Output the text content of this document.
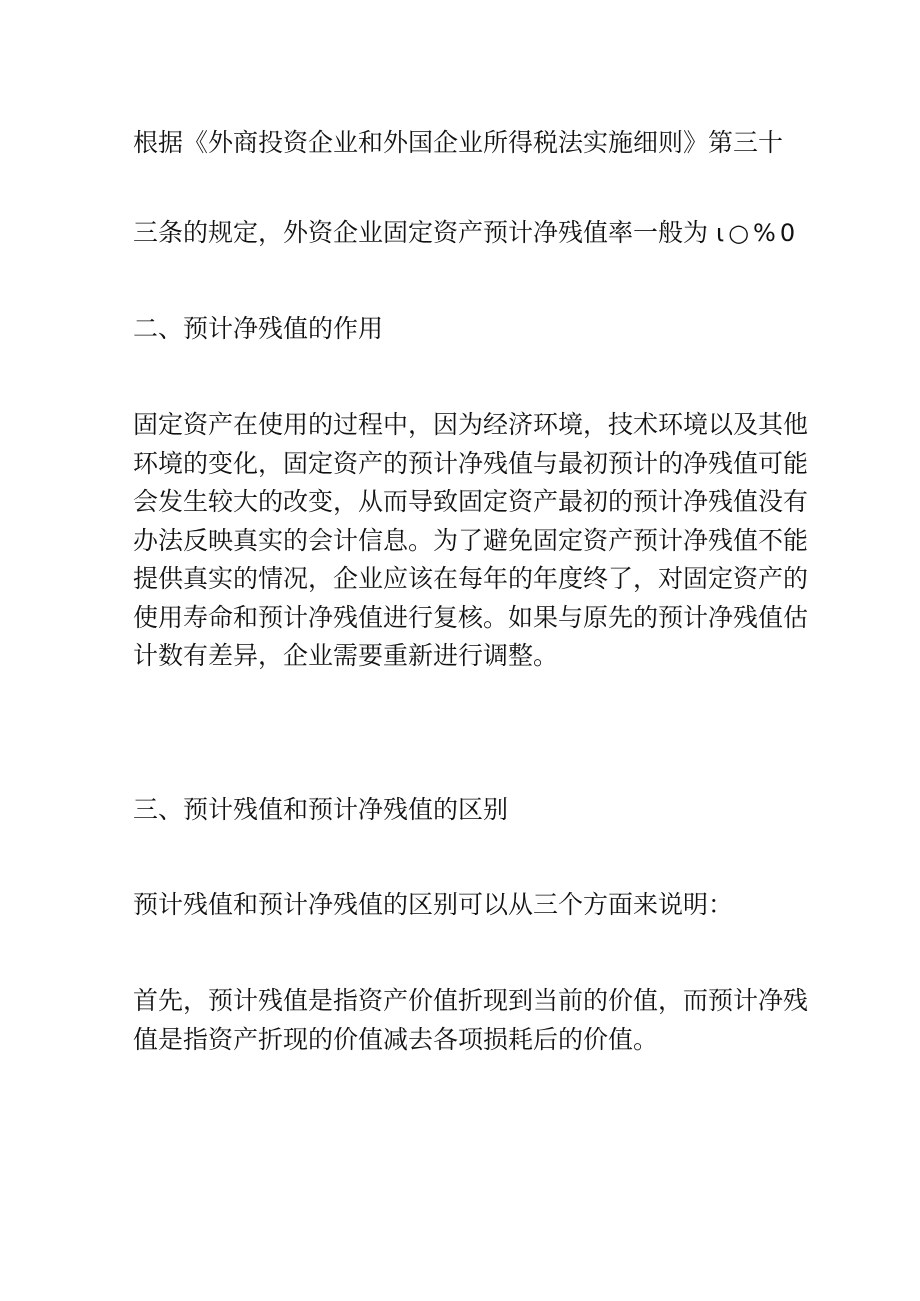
根据《外商投资企业和外国企业所得税法实施细则》第三十

三条的规定，外资企业固定资产预计净残值率一般为 ι○%0

二、预计净残值的作用

固定资产在使用的过程中，因为经济环境，技术环境以及其他
环境的变化，固定资产的预计净残值与最初预计的净残值可能
会发生较大的改变，从而导致固定资产最初的预计净残值没有
办法反映真实的会计信息。为了避免固定资产预计净残值不能
提供真实的情况，企业应该在每年的年度终了，对固定资产的
使用寿命和预计净残值进行复核。如果与原先的预计净残值估
计数有差异，企业需要重新进行调整。

三、预计残值和预计净残值的区别

预计残值和预计净残值的区别可以从三个方面来说明：

首先，预计残值是指资产价值折现到当前的价值，而预计净残
值是指资产折现的价值减去各项损耗后的价值。
